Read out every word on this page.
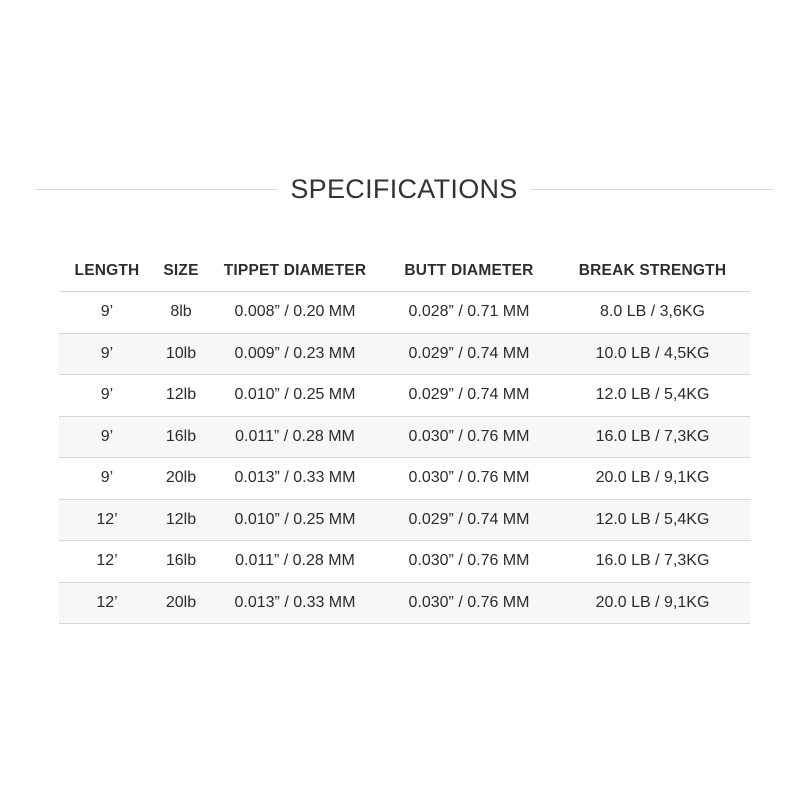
SPECIFICATIONS
LENGTH	SIZE	TIPPET DIAMETER	BUTT DIAMETER	BREAK STRENGTH
9’	8lb	0.008” / 0.20 MM	0.028” / 0.71 MM	8.0 LB / 3,6KG
9’	10lb	0.009” / 0.23 MM	0.029” / 0.74 MM	10.0 LB / 4,5KG
9’	12lb	0.010” / 0.25 MM	0.029” / 0.74 MM	12.0 LB / 5,4KG
9’	16lb	0.011” / 0.28 MM	0.030” / 0.76 MM	16.0 LB / 7,3KG
9’	20lb	0.013” / 0.33 MM	0.030” / 0.76 MM	20.0 LB / 9,1KG
12’	12lb	0.010” / 0.25 MM	0.029” / 0.74 MM	12.0 LB / 5,4KG
12’	16lb	0.011” / 0.28 MM	0.030” / 0.76 MM	16.0 LB / 7,3KG
12’	20lb	0.013” / 0.33 MM	0.030” / 0.76 MM	20.0 LB / 9,1KG
